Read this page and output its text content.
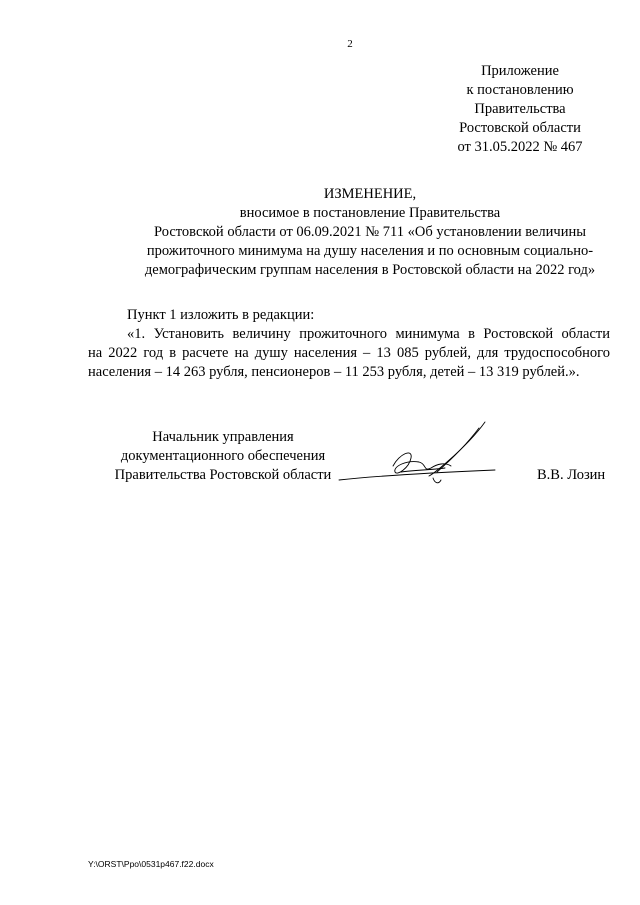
2
Приложение
к постановлению
Правительства
Ростовской области
от 31.05.2022 № 467
ИЗМЕНЕНИЕ,
вносимое в постановление Правительства
Ростовской области от 06.09.2021 № 711 «Об установлении величины
прожиточного минимума на душу населения и по основным социально-
демографическим группам населения в Ростовской области на 2022 год»
Пункт 1 изложить в редакции:
«1. Установить величину прожиточного минимума в Ростовской области
на 2022 год в расчете на душу населения – 13 085 рублей, для трудоспособного
населения – 14 263 рубля, пенсионеров – 11 253 рубля, детей – 13 319 рублей.».
Начальник управления
документационного обеспечения
Правительства Ростовской области	В.В. Лозин
Y:\ORST\Ppo\0531p467.f22.docx
